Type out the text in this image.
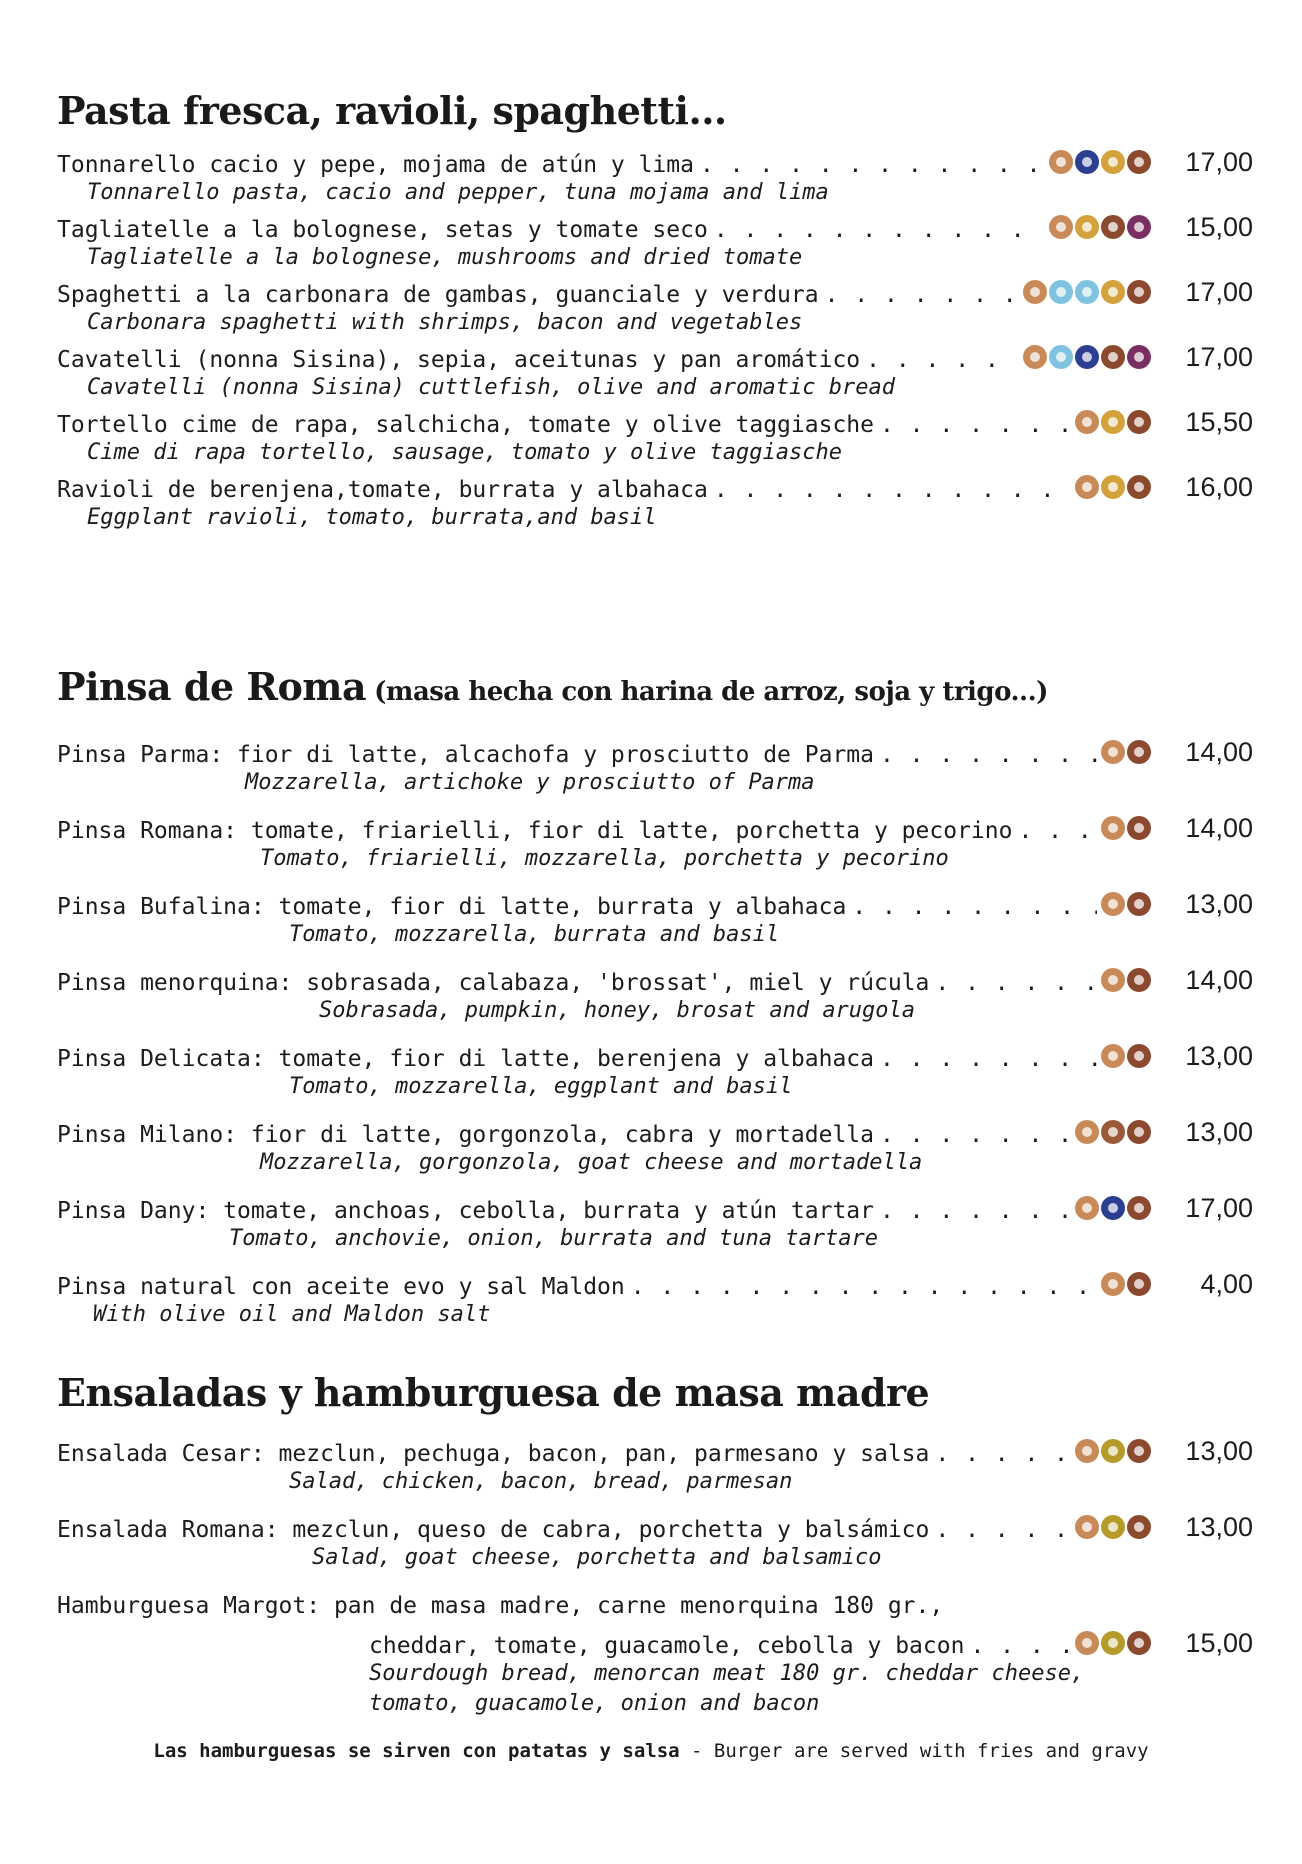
Pasta fresca, ravioli, spaghetti...
Tonnarello cacio y pepe, mojama de atún y lima . . .	17,00
Tonnarello pasta, cacio and pepper, tuna mojama and lima
Tagliatelle a la bolognese, setas y tomate seco . . .	15,00
Tagliatelle a la bolognese, mushrooms and dried tomate
Spaghetti a la carbonara de gambas, guanciale y verdura . . .	17,00
Carbonara spaghetti with shrimps, bacon and vegetables
Cavatelli (nonna Sisina), sepia, aceitunas y pan aromático . . .	17,00
Cavatelli (nonna Sisina) cuttlefish, olive and aromatic bread
Tortello cime de rapa, salchicha, tomate y olive taggiasche . . .	15,50
Cime di rapa tortello, sausage, tomato y olive taggiasche
Ravioli de berenjena,tomate, burrata y albahaca . . .	16,00
Eggplant ravioli, tomato, burrata,and basil
Pinsa de Roma (masa hecha con harina de arroz, soja y trigo...)
Pinsa Parma: fior di latte, alcachofa y prosciutto de Parma . . .	14,00
Mozzarella, artichoke y prosciutto of Parma
Pinsa Romana: tomate, friarielli, fior di latte, porchetta y pecorino . . .	14,00
Tomato, friarielli, mozzarella, porchetta y pecorino
Pinsa Bufalina: tomate, fior di latte, burrata y albahaca . . .	13,00
Tomato, mozzarella, burrata and basil
Pinsa menorquina: sobrasada, calabaza, 'brossat', miel y rúcula . . .	14,00
Sobrasada, pumpkin, honey, brosat and arugola
Pinsa Delicata: tomate, fior di latte, berenjena y albahaca . . .	13,00
Tomato, mozzarella, eggplant and basil
Pinsa Milano: fior di latte, gorgonzola, cabra y mortadella . . .	13,00
Mozzarella, gorgonzola, goat cheese and mortadella
Pinsa Dany: tomate, anchoas, cebolla, burrata y atún tartar . . .	17,00
Tomato, anchovie, onion, burrata and tuna tartare
Pinsa natural con aceite evo y sal Maldon . . .	4,00
With olive oil and Maldon salt
Ensaladas y hamburguesa de masa madre
Ensalada Cesar: mezclun, pechuga, bacon, pan, parmesano y salsa . . .	13,00
Salad, chicken, bacon, bread, parmesan
Ensalada Romana: mezclun, queso de cabra, porchetta y balsámico . . .	13,00
Salad, goat cheese, porchetta and balsamico
Hamburguesa Margot: pan de masa madre, carne menorquina 180 gr.,
cheddar, tomate, guacamole, cebolla y bacon . . .	15,00
Sourdough bread, menorcan meat 180 gr. cheddar cheese,
tomato, guacamole, onion and bacon
Las hamburguesas se sirven con patatas y salsa - Burger are served with fries and gravy
